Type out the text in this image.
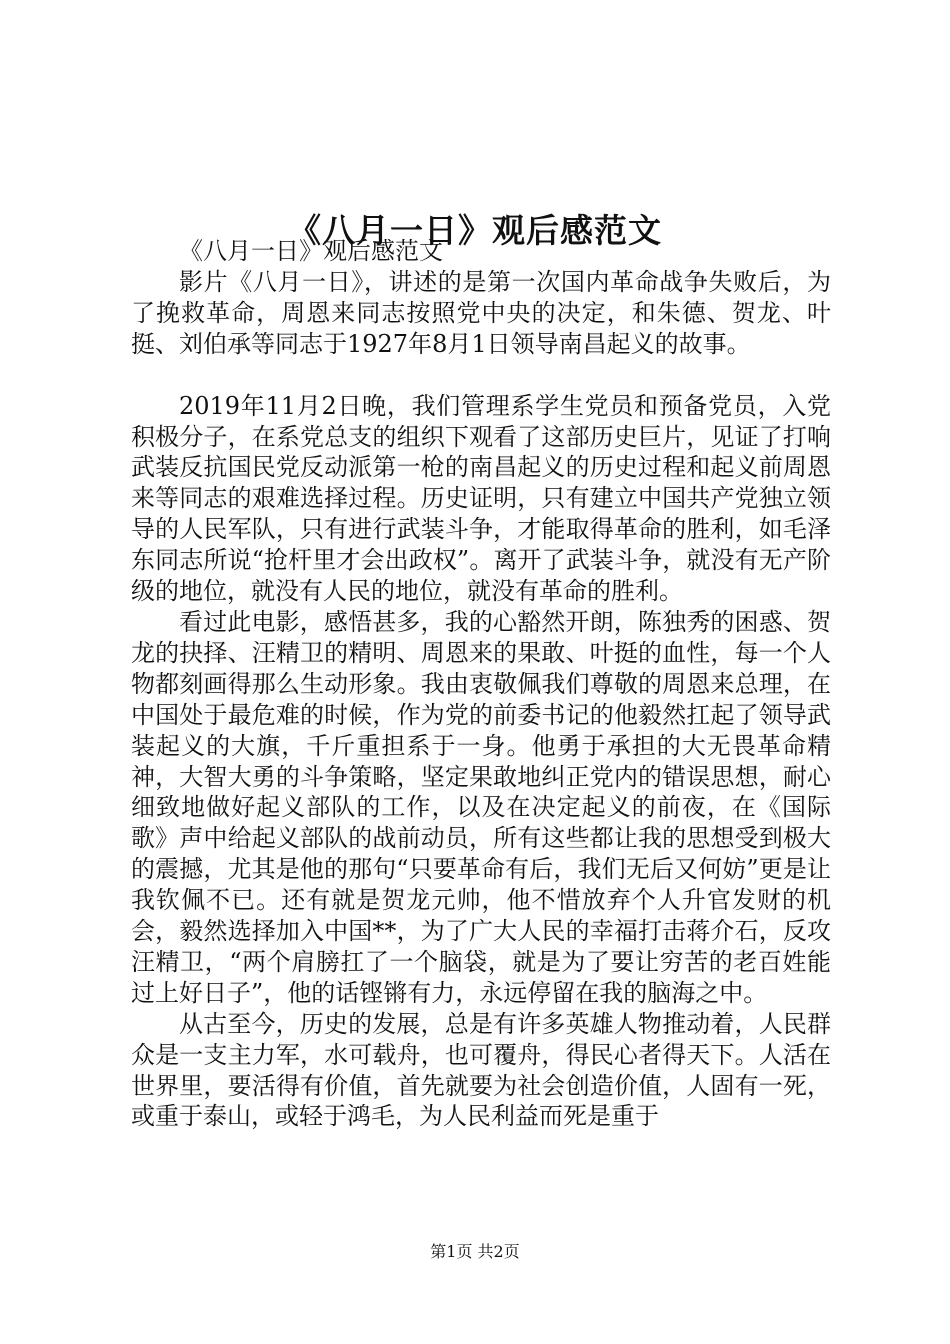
《八月一日》观后感范文

《八月一日》观后感范文

影片《八月一日》，讲述的是第一次国内革命战争失败后，为了挽救革命，周恩来同志按照党中央的决定，和朱德、贺龙、叶挺、刘伯承等同志于1927年8月1日领导南昌起义的故事。

2019年11月2日晚，我们管理系学生党员和预备党员，入党积极分子，在系党总支的组织下观看了这部历史巨片，见证了打响武装反抗国民党反动派第一枪的南昌起义的历史过程和起义前周恩来等同志的艰难选择过程。历史证明，只有建立中国共产党独立领导的人民军队，只有进行武装斗争，才能取得革命的胜利，如毛泽东同志所说“抢杆里才会出政权”。离开了武装斗争，就没有无产阶级的地位，就没有人民的地位，就没有革命的胜利。

看过此电影，感悟甚多，我的心豁然开朗，陈独秀的困惑、贺龙的抉择、汪精卫的精明、周恩来的果敢、叶挺的血性，每一个人物都刻画得那么生动形象。我由衷敬佩我们尊敬的周恩来总理，在中国处于最危难的时候，作为党的前委书记的他毅然扛起了领导武装起义的大旗，千斤重担系于一身。他勇于承担的大无畏革命精神，大智大勇的斗争策略，坚定果敢地纠正党内的错误思想，耐心细致地做好起义部队的工作，以及在决定起义的前夜，在《国际歌》声中给起义部队的战前动员，所有这些都让我的思想受到极大的震撼，尤其是他的那句“只要革命有后，我们无后又何妨”更是让我钦佩不已。还有就是贺龙元帅，他不惜放弃个人升官发财的机会，毅然选择加入中国**，为了广大人民的幸福打击蒋介石，反攻汪精卫，“两个肩膀扛了一个脑袋，就是为了要让穷苦的老百姓能过上好日子”，他的话铿锵有力，永远停留在我的脑海之中。

从古至今，历史的发展，总是有许多英雄人物推动着，人民群众是一支主力军，水可载舟，也可覆舟，得民心者得天下。人活在世界里，要活得有价值，首先就要为社会创造价值，人固有一死，或重于泰山，或轻于鸿毛，为人民利益而死是重于

第1页 共2页
